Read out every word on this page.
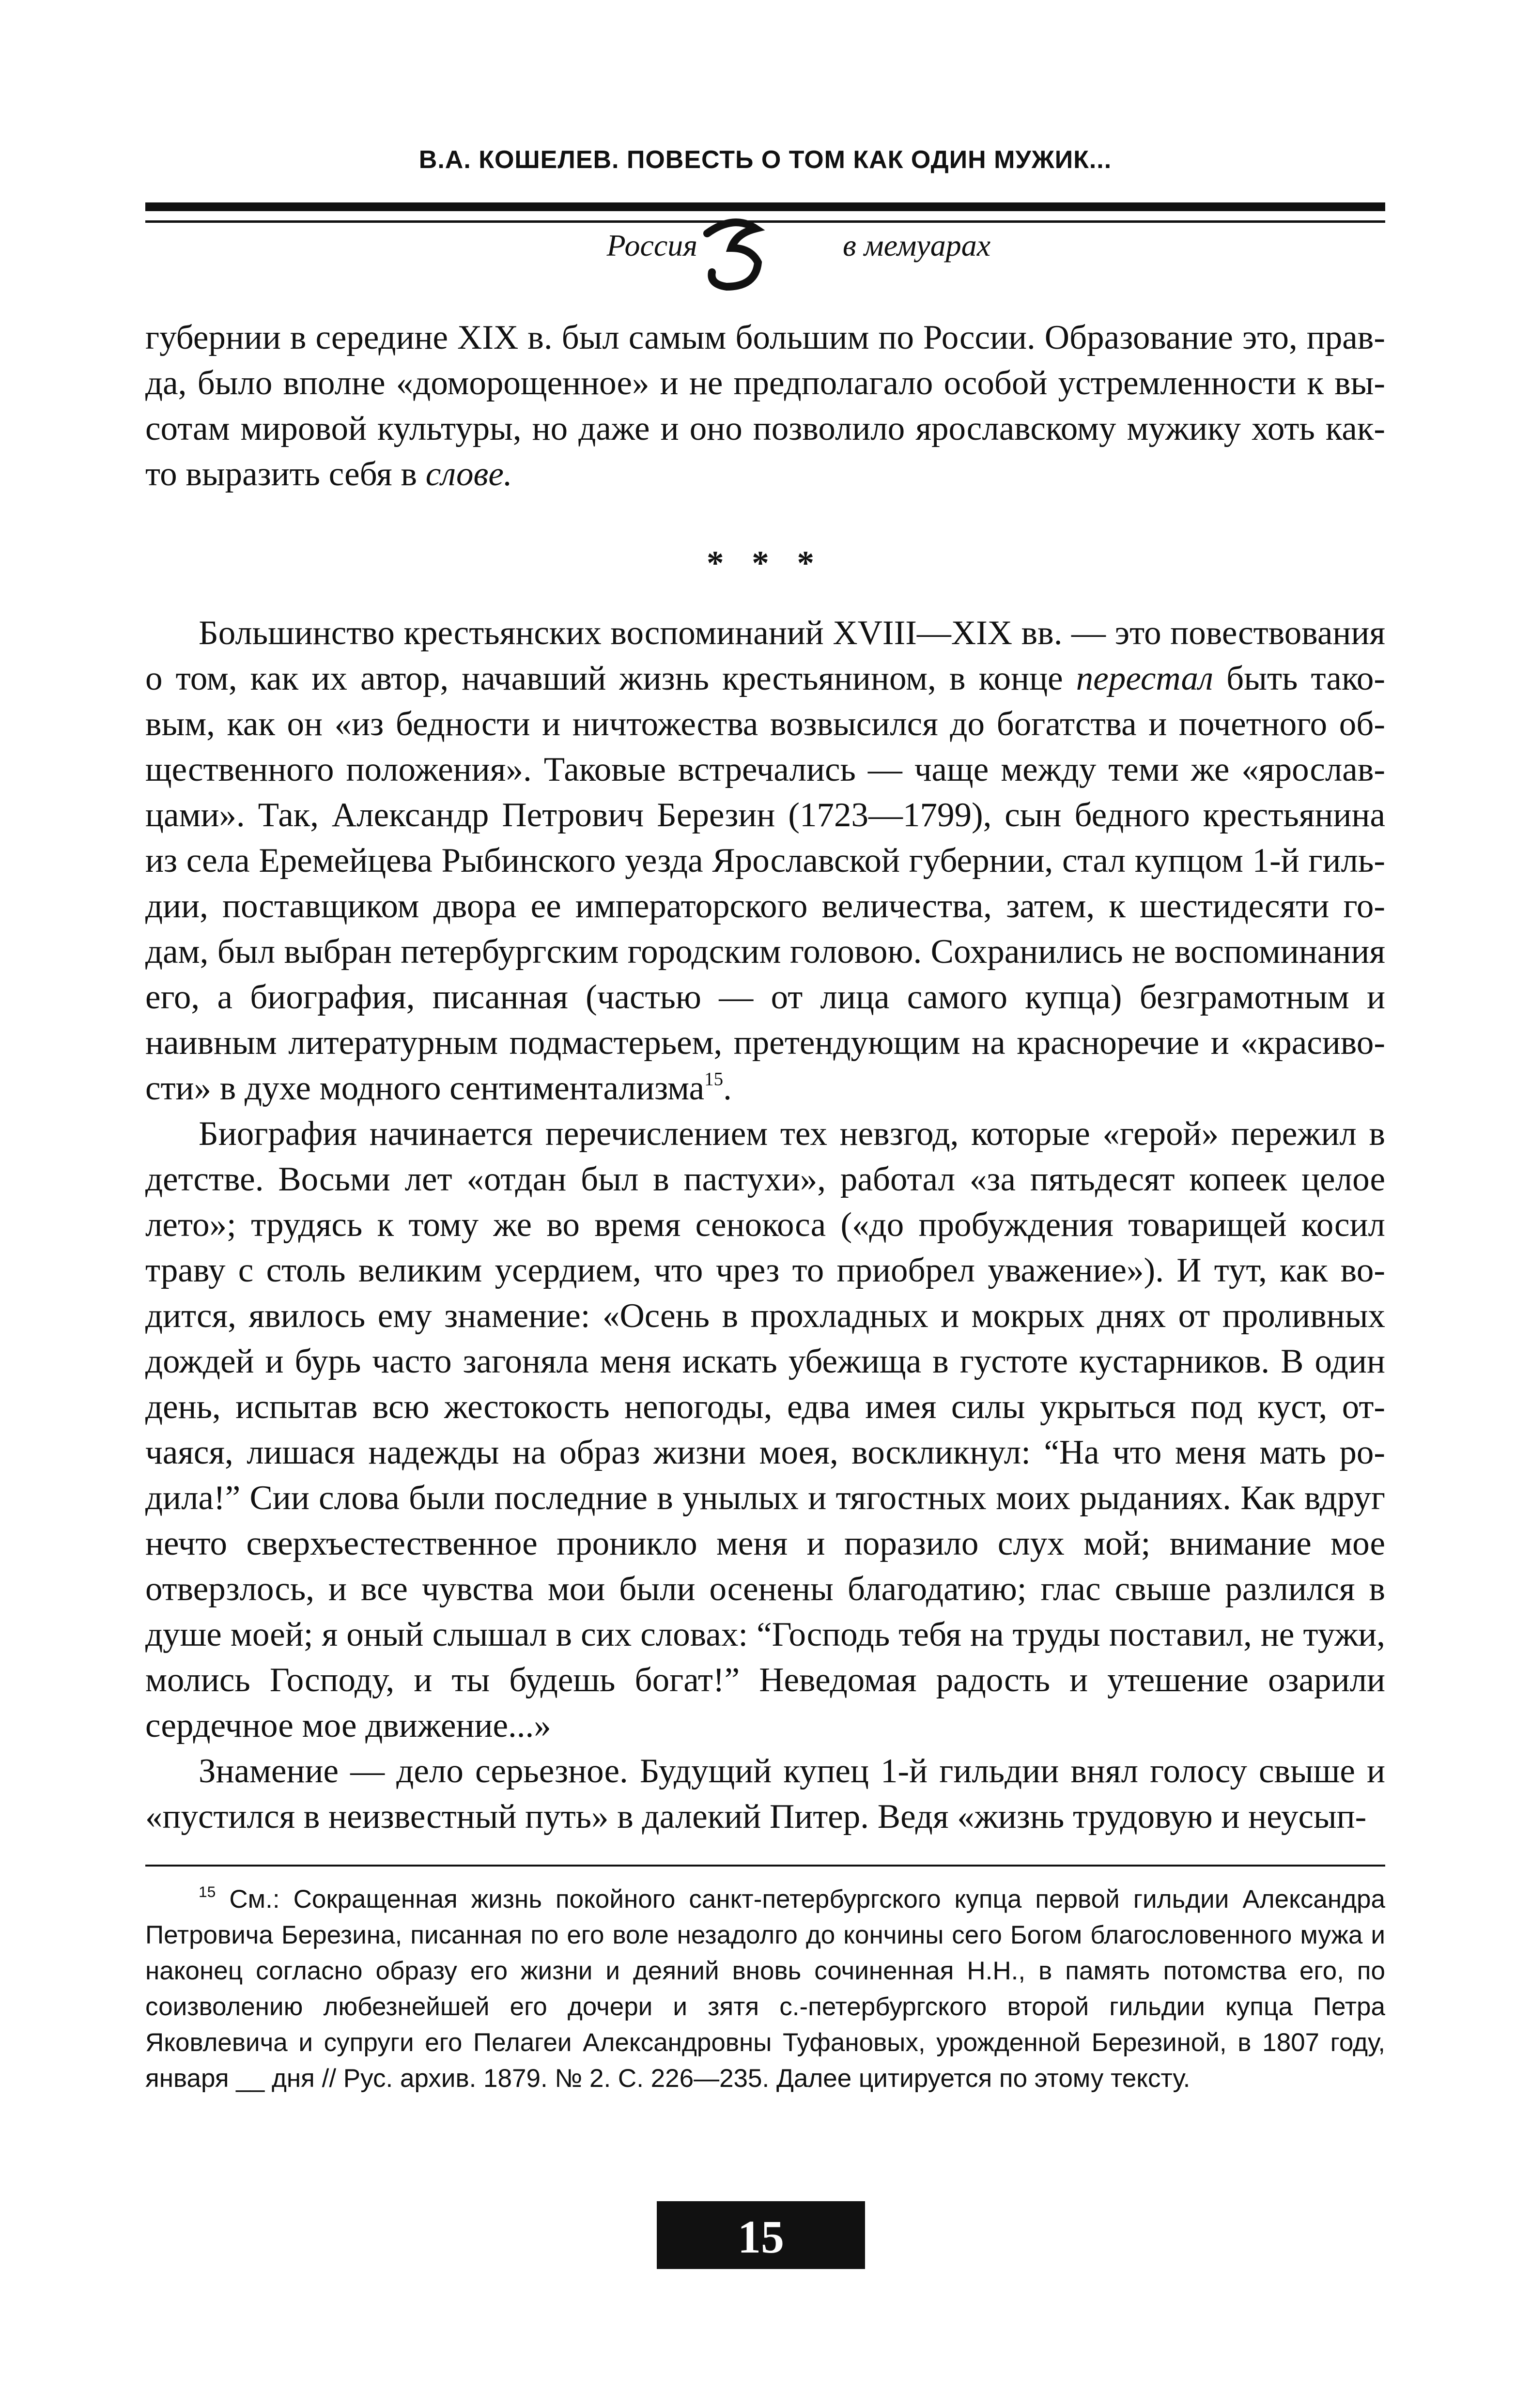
В.А. КОШЕЛЕВ. ПОВЕСТЬ О ТОМ КАК ОДИН МУЖИК...
Россия	в мемуарах

губернии в середине XIX в. был самым большим по России. Образование это, правда, было вполне «доморощенное» и не предполагало особой устремленности к высотам мировой культуры, но даже и оно позволило ярославскому мужику хоть как-то выразить себя в слове.

* * *

Большинство крестьянских воспоминаний XVIII—XIX вв. — это повествования о том, как их автор, начавший жизнь крестьянином, в конце перестал быть таковым, как он «из бедности и ничтожества возвысился до богатства и почетного общественного положения». Таковые встречались — чаще между теми же «ярославцами». Так, Александр Петрович Березин (1723—1799), сын бедного крестьянина из села Еремейцева Рыбинского уезда Ярославской губернии, стал купцом 1-й гильдии, поставщиком двора ее императорского величества, затем, к шестидесяти годам, был выбран петербургским городским головою. Сохранились не воспоминания его, а биография, писанная (частью — от лица самого купца) безграмотным и наивным литературным подмастерьем, претендующим на красноречие и «красивости» в духе модного сентиментализма$^{15}$.

Биография начинается перечислением тех невзгод, которые «герой» пережил в детстве. Восьми лет «отдан был в пастухи», работал «за пятьдесят копеек целое лето»; трудясь к тому же во время сенокоса («до пробуждения товарищей косил траву с столь великим усердием, что чрез то приобрел уважение»). И тут, как водится, явилось ему знамение: «Осень в прохладных и мокрых днях от проливных дождей и бурь часто загоняла меня искать убежища в густоте кустарников. В один день, испытав всю жестокость непогоды, едва имея силы укрыться под куст, отчаяся, лишася надежды на образ жизни моея, воскликнул: “На что меня мать родила!” Сии слова были последние в унылых и тягостных моих рыданиях. Как вдруг нечто сверхъестественное проникло меня и поразило слух мой; внимание мое отверзлось, и все чувства мои были осенены благодатию; глас свыше разлился в душе моей; я оный слышал в сих словах: “Господь тебя на труды поставил, не тужи, молись Господу, и ты будешь богат!” Неведомая радость и утешение озарили сердечное мое движение...»

Знамение — дело серьезное. Будущий купец 1-й гильдии внял голосу свыше и «пустился в неизвестный путь» в далекий Питер. Ведя «жизнь трудовую и неусып-

$^{15}$ См.: Сокращенная жизнь покойного санкт-петербургского купца первой гильдии Александра Петровича Березина, писанная по его воле незадолго до кончины сего Богом благословенного мужа и наконец согласно образу его жизни и деяний вновь сочиненная Н.Н., в память потомства его, по соизволению любезнейшей его дочери и зятя с.-петербургского второй гильдии купца Петра Яковлевича и супруги его Пелагеи Александровны Туфановых, урожденной Березиной, в 1807 году, января __ дня // Рус. архив. 1879. № 2. С. 226—235. Далее цитируется по этому тексту.

15
